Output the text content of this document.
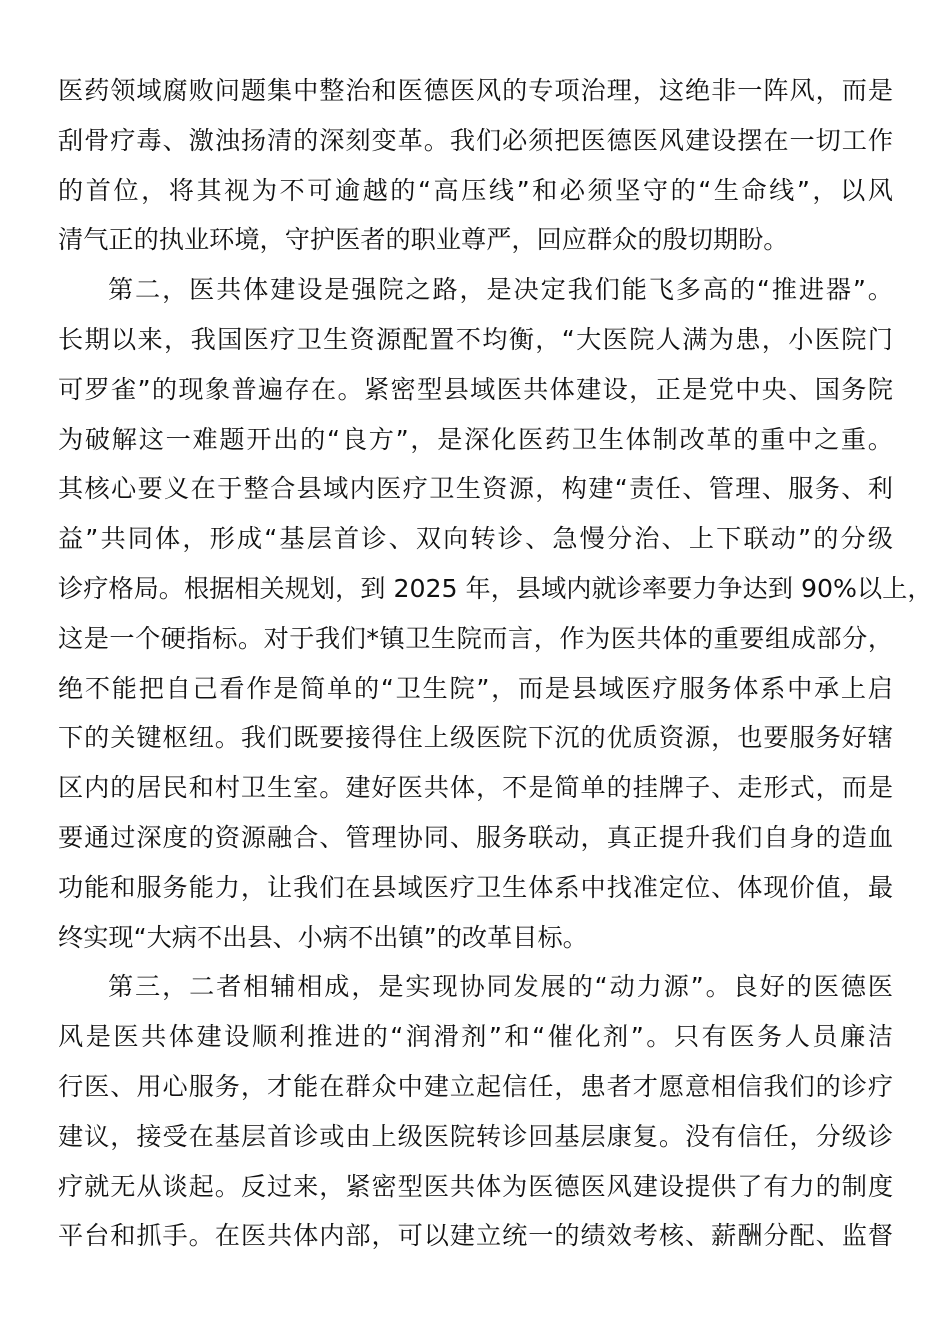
医药领域腐败问题集中整治和医德医风的专项治理，这绝非一阵风，而是
刮骨疗毒、激浊扬清的深刻变革。我们必须把医德医风建设摆在一切工作
的首位，将其视为不可逾越的“高压线”和必须坚守的“生命线”，以风
清气正的执业环境，守护医者的职业尊严，回应群众的殷切期盼。
第二，医共体建设是强院之路，是决定我们能飞多高的“推进器”。
长期以来，我国医疗卫生资源配置不均衡，“大医院人满为患，小医院门
可罗雀”的现象普遍存在。紧密型县域医共体建设，正是党中央、国务院
为破解这一难题开出的“良方”，是深化医药卫生体制改革的重中之重。
其核心要义在于整合县域内医疗卫生资源，构建“责任、管理、服务、利
益”共同体，形成“基层首诊、双向转诊、急慢分治、上下联动”的分级
诊疗格局。根据相关规划，到 2025 年，县域内就诊率要力争达到 90%以上，
这是一个硬指标。对于我们*镇卫生院而言，作为医共体的重要组成部分，
绝不能把自己看作是简单的“卫生院”，而是县域医疗服务体系中承上启
下的关键枢纽。我们既要接得住上级医院下沉的优质资源，也要服务好辖
区内的居民和村卫生室。建好医共体，不是简单的挂牌子、走形式，而是
要通过深度的资源融合、管理协同、服务联动，真正提升我们自身的造血
功能和服务能力，让我们在县域医疗卫生体系中找准定位、体现价值，最
终实现“大病不出县、小病不出镇”的改革目标。
第三，二者相辅相成，是实现协同发展的“动力源”。良好的医德医
风是医共体建设顺利推进的“润滑剂”和“催化剂”。只有医务人员廉洁
行医、用心服务，才能在群众中建立起信任，患者才愿意相信我们的诊疗
建议，接受在基层首诊或由上级医院转诊回基层康复。没有信任，分级诊
疗就无从谈起。反过来，紧密型医共体为医德医风建设提供了有力的制度
平台和抓手。在医共体内部，可以建立统一的绩效考核、薪酬分配、监督
